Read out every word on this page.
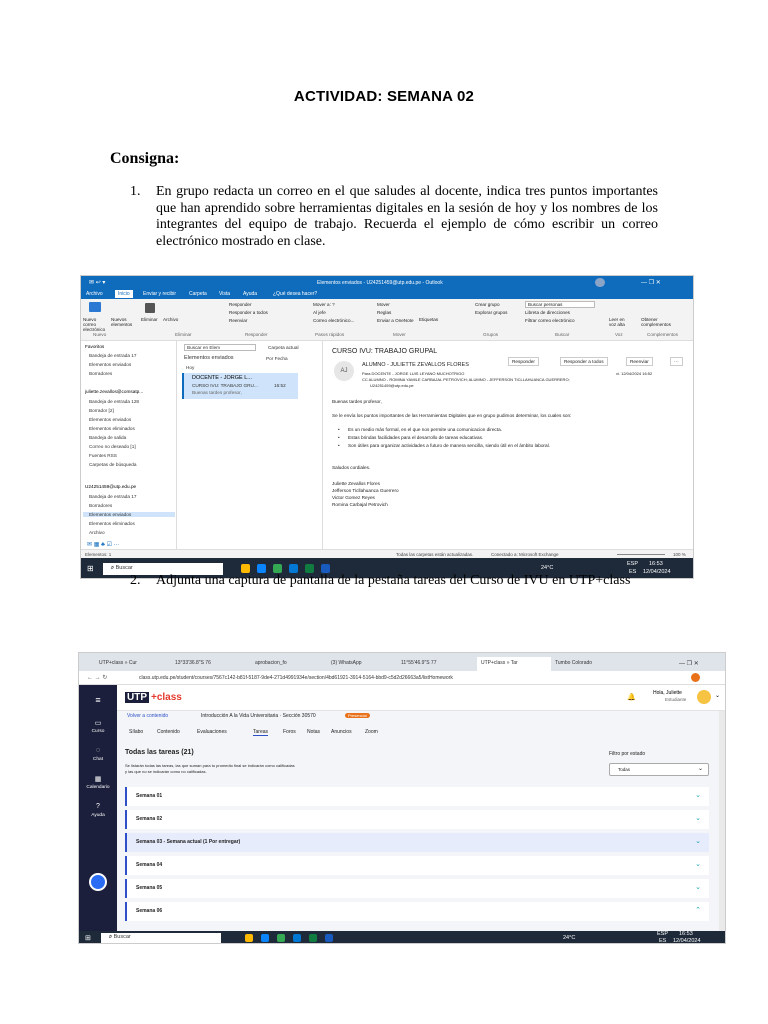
ACTIVIDAD: SEMANA 02
Consigna:
1. En grupo redacta un correo en el que saludes al docente, indica tres puntos importantes que han aprendido sobre herramientas digitales en la sesión de hoy y los nombres de los integrantes del equipo de trabajo. Recuerda el ejemplo de cómo escribir un correo electrónico mostrado en clase.
✉ ↩ ▾	Elementos enviados - U24251459@utp.edu.pe - Outlook	— ❐ ✕
Archivo	Inicio	Enviar y recibir	Carpeta Vista	Ayuda	¿Qué desea hacer?
Nuevo correo electrónico
Nuevos elementos
Eliminar Archivo
Responder
Responder a todos
Reenviar
Mover a: ?
Al jefe
Correo electrónico...
Mover
Reglas
Enviar a OneNote Etiquetas
Crear grupo
Explorar grupos
Buscar personas
Libreta de direcciones
Filtrar correo electrónico	Leer en voz alta
Obtener complementos
Nuevo	Eliminar	Responder	Pasos rápidos	Mover	Grupos	Buscar	Voz	Complementos
Favoritos
Bandeja de entrada 17
Elementos enviados
Borradores
juliette.zevallos@comsatp...
Bandeja de entrada 128
Borrador [2]
Elementos enviados
Elementos eliminados
Bandeja de salida
Correo no deseado [1]
Fuentes RSS
Carpetas de búsqueda
U24251459@utp.edu.pe
Bandeja de entrada 17
Borradores
Elementos enviados
Elementos eliminados
Archivo
✉ ▦ ♣ ☑ ···
Buscar en Elem	Carpeta actual
Elementos enviados	Por Fecha
Hoy
DOCENTE - JORGE L...
CURSO IVU: TRABAJO GRU...	16:52
Buenas tardes profesor,
CURSO IVU: TRABAJO GRUPAL
AJ
ALUMNO - JULIETTE ZEVALLOS FLORES
Para DOCENTE - JORGE LUIS LEYANO MUCHOTRIGO
CC ALUMNO - ROMINA YAMILE CARBAJAL PETROVICH; ALUMNO - JEFFERSON TICLLAHUANCA GUERRERO;
U24251459@utp.edu.pe
Responder	Responder a todos	Reenviar	···
vi. 12/04/2024 16:52
Buenas tardes profesor,
Se le envía los puntos importantes de las Herramientas Digitales que en grupo pudimos determinar, los cuales son:
• Es un medio más formal, en el que nos permite una comunicacion directa.
• Estas brindas facilidades para el desarrollo de tareas educativas.
• Son útiles para organizar actividades a futuro de manera sencilla, siendo útil en el ámbito laboral.
Saludos cordiales.
Juliette Zevallos Flores
Jefferson Ticllahuanca Guerrero
Victor Gomez Reyes
Romina Carbajal Petrovich
Elementos: 1	Todas las carpetas están actualizadas.	Conectado a: Microsoft Exchange	100 %
⊞	⌕ Buscar	24°C
ESP
ES
16:53
12/04/2024
2. Adjunta una captura de pantalla de la pestaña tareas del Curso de IVU en UTP+class
UTP+class » Cur	13°33'36.8"S 76	aprobacion_fo	(3) WhatsApp	11°55'46.9"S 77	UTP+class » Tar	Tumbo Colorado	— ❐ ✕
← → ↻	class.utp.edu.pe/student/courses/7567c142-b81f-5187-9de4-271d4991934e/section/4bd61921-3914-5164-bbd9-c5d2d26663a5/listHomework
≡
▭
Curso
◌
Chat
▦
Calendario
?
Ayuda
UTP +class	🔔
Hola, Juliette
Estudiante
⌄
Volver a contenido	Introducción A la Vida Universitaria · Sección 30570	Presencial
Sílabo	Contenido	Evaluaciones	Tareas	Foros Notas Anuncios	Zoom
Todas las tareas (21)
Se listarán todas las tareas, las que suman para tu promedio final se indicarán como calificadas
y las que no se indicarán como no calificadas.
Filtro por estado
Todas	⌄
Semana 01	⌄
Semana 02	⌄
Semana 03 - Semana actual (1 Por entregar)	⌄
Semana 04	⌄
Semana 05	⌄
Semana 06	⌃
⊞	⌕ Buscar	24°C
ESP
ES
16:53
12/04/2024
